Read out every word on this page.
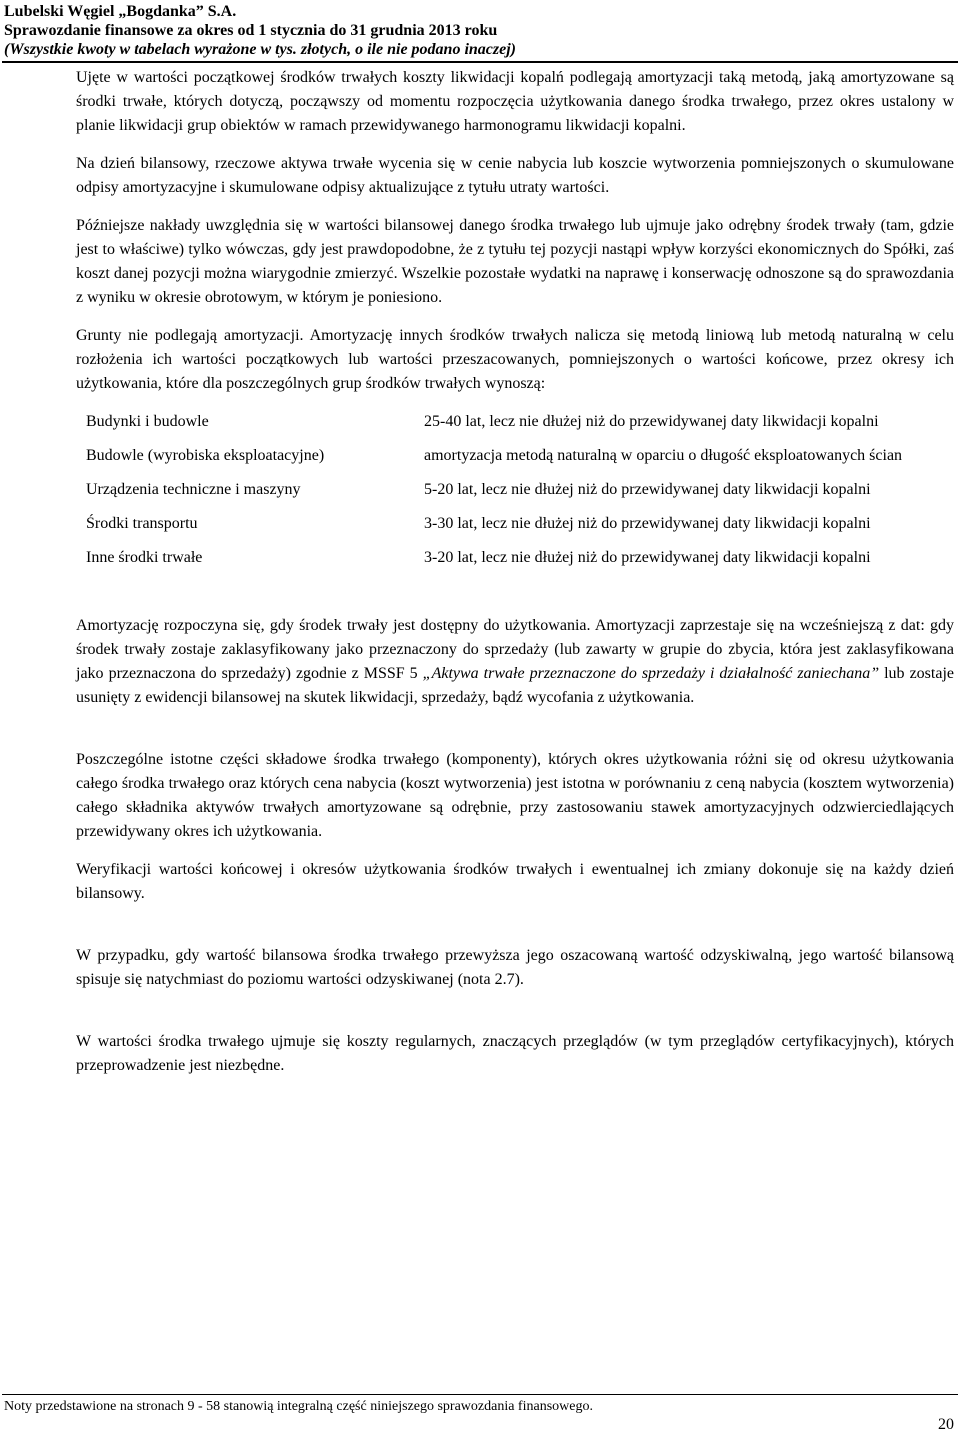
Lubelski Węgiel „Bogdanka” S.A.
Sprawozdanie finansowe za okres od 1 stycznia do 31 grudnia 2013 roku
(Wszystkie kwoty w tabelach wyrażone w tys. złotych, o ile nie podano inaczej)

Ujęte w wartości początkowej środków trwałych koszty likwidacji kopalń podlegają amortyzacji taką metodą, jaką amortyzowane są środki trwałe, których dotyczą, począwszy od momentu rozpoczęcia użytkowania danego środka trwałego, przez okres ustalony w planie likwidacji grup obiektów w ramach przewidywanego harmonogramu likwidacji kopalni.

Na dzień bilansowy, rzeczowe aktywa trwałe wycenia się w cenie nabycia lub koszcie wytworzenia pomniejszonych o skumulowane odpisy amortyzacyjne i skumulowane odpisy aktualizujące z tytułu utraty wartości.

Późniejsze nakłady uwzględnia się w wartości bilansowej danego środka trwałego lub ujmuje jako odrębny środek trwały (tam, gdzie jest to właściwe) tylko wówczas, gdy jest prawdopodobne, że z tytułu tej pozycji nastąpi wpływ korzyści ekonomicznych do Spółki, zaś koszt danej pozycji można wiarygodnie zmierzyć. Wszelkie pozostałe wydatki na naprawę i konserwację odnoszone są do sprawozdania z wyniku w okresie obrotowym, w którym je poniesiono.

Grunty nie podlegają amortyzacji. Amortyzację innych środków trwałych nalicza się metodą liniową lub metodą naturalną w celu rozłożenia ich wartości początkowych lub wartości przeszacowanych, pomniejszonych o wartości końcowe, przez okresy ich użytkowania, które dla poszczególnych grup środków trwałych wynoszą:

Budynki i budowle	25-40 lat, lecz nie dłużej niż do przewidywanej daty likwidacji kopalni
Budowle (wyrobiska eksploatacyjne)	amortyzacja metodą naturalną w oparciu o długość eksploatowanych ścian
Urządzenia techniczne i maszyny	5-20 lat, lecz nie dłużej niż do przewidywanej daty likwidacji kopalni
Środki transportu	3-30 lat, lecz nie dłużej niż do przewidywanej daty likwidacji kopalni
Inne środki trwałe	3-20 lat, lecz nie dłużej niż do przewidywanej daty likwidacji kopalni

Amortyzację rozpoczyna się, gdy środek trwały jest dostępny do użytkowania. Amortyzacji zaprzestaje się na wcześniejszą z dat: gdy środek trwały zostaje zaklasyfikowany jako przeznaczony do sprzedaży (lub zawarty w grupie do zbycia, która jest zaklasyfikowana jako przeznaczona do sprzedaży) zgodnie z MSSF 5 „Aktywa trwałe przeznaczone do sprzedaży i działalność zaniechana” lub zostaje usunięty z ewidencji bilansowej na skutek likwidacji, sprzedaży, bądź wycofania z użytkowania.

Poszczególne istotne części składowe środka trwałego (komponenty), których okres użytkowania różni się od okresu użytkowania całego środka trwałego oraz których cena nabycia (koszt wytworzenia) jest istotna w porównaniu z ceną nabycia (kosztem wytworzenia) całego składnika aktywów trwałych amortyzowane są odrębnie, przy zastosowaniu stawek amortyzacyjnych odzwierciedlających przewidywany okres ich użytkowania.

Weryfikacji wartości końcowej i okresów użytkowania środków trwałych i ewentualnej ich zmiany dokonuje się na każdy dzień bilansowy.

W przypadku, gdy wartość bilansowa środka trwałego przewyższa jego oszacowaną wartość odzyskiwalną, jego wartość bilansową spisuje się natychmiast do poziomu wartości odzyskiwanej (nota 2.7).

W wartości środka trwałego ujmuje się koszty regularnych, znaczących przeglądów (w tym przeglądów certyfikacyjnych), których przeprowadzenie jest niezbędne.

Noty przedstawione na stronach 9 - 58 stanowią integralną część niniejszego sprawozdania finansowego.
20
